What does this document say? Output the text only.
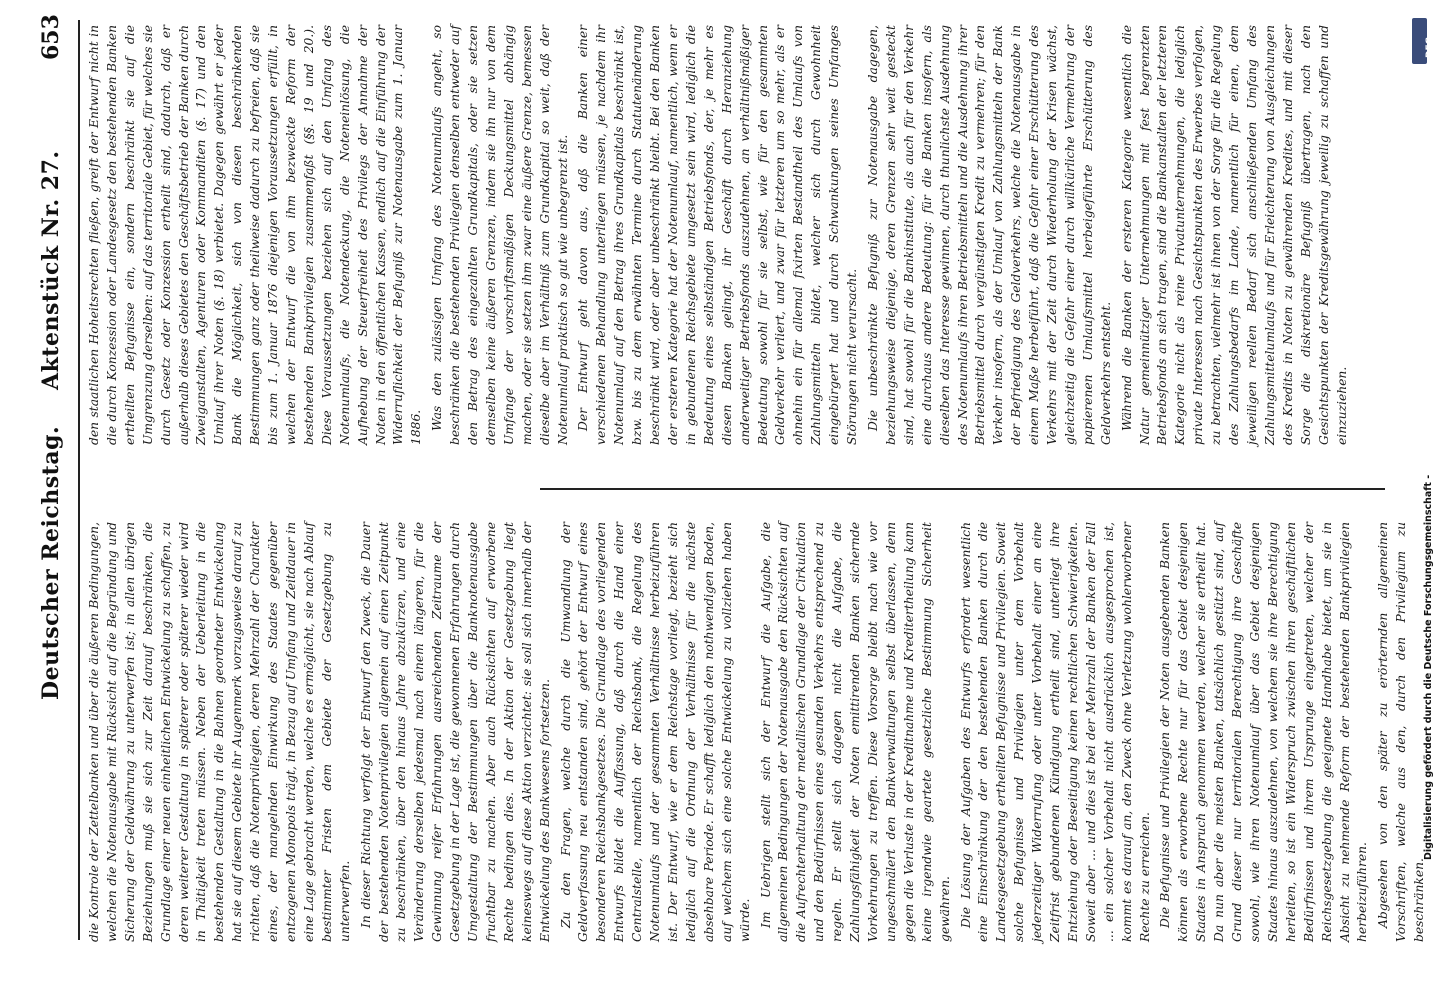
Deutscher Reichstag.
Aktenstück Nr. 27.
653

die Kontrole der Zettelbanken und über die äußeren Bedingungen, welchen die Notenausgabe mit Rücksicht auf die Begründung und Sicherung der Geldwährung zu unterwerfen ist; in allen übrigen Beziehungen muß sie sich zur Zeit darauf beschränken, die Grundlage einer neuen einheitlichen Entwickelung zu schaffen, zu deren weiterer Gestaltung in späterer oder späterer wieder wird in Thätigkeit treten müssen. Neben der Ueberleitung in die bestehenden Gestaltung in die Bahnen geordneter Entwickelung hat sie auf diesem Gebiete ihr Augenmerk vorzugsweise darauf zu richten, daß die Notenprivilegien, deren Mehrzahl der Charakter eines, der mangelnden Einwirkung des Staates gegenüber entzogenen Monopols trägt, in Bezug auf Umfang und Zeitdauer in eine Lage gebracht werden, welche es ermöglicht, sie nach Ablauf bestimmter Fristen dem Gebiete der Gesetzgebung zu unterwerfen. In dieser Richtung verfolgt der Entwurf den Zweck, die Dauer der bestehenden Notenprivilegien allgemein auf einen Zeitpunkt zu beschränken, über den hinaus Jahre abzukürzen, und eine Veränderung derselben jedesmal nach einem längeren, für die Gewinnung reifer Erfahrungen ausreichenden Zeitraume der Gesetzgebung in der Lage ist, die gewonnenen Erfahrungen durch Umgestaltung der Bestimmungen über die Banknotenausgabe fruchtbar zu machen. Aber auch Rücksichten auf erworbene Rechte bedingen dies. In der Aktion der Gesetzgebung liegt keineswegs auf diese Aktion verzichtet: sie soll sich innerhalb der Entwickelung des Bankwesens fortsetzen. Zu den Fragen, welche durch die Umwandlung der Geldverfassung neu entstanden sind, gehört der Entwurf eines besonderen Reichsbankgesetzes. Die Grundlage des vorliegenden Entwurfs bildet die Auffassung, daß durch die Hand einer Centralstelle, namentlich der Reichsbank, die Regelung des Notenumlaufs und der gesammten Verhältnisse herbeizuführen ist. Der Entwurf, wie er dem Reichstage vorliegt, bezieht sich lediglich auf die Ordnung der Verhältnisse für die nächste absehbare Periode. Er schafft lediglich den nothwendigen Boden, auf welchem sich eine solche Entwickelung zu vollziehen haben würde. Im Uebrigen stellt sich der Entwurf die Aufgabe, die allgemeinen Bedingungen der Notenausgabe den Rücksichten auf die Aufrechterhaltung der metallischen Grundlage der Cirkulation und den Bedürfnissen eines gesunden Verkehrs entsprechend zu regeln. Er stellt sich dagegen nicht die Aufgabe, die Zahlungsfähigkeit der Noten emittirenden Banken sichernde Vorkehrungen zu treffen. Diese Vorsorge bleibt nach wie vor ungeschmälert den Bankverwaltungen selbst überlassen, denn gegen die Verluste in der Kreditnahme und Kreditertheilung kann keine irgendwie geartete gesetzliche Bestimmung Sicherheit gewähren. Die Lösung der Aufgaben des Entwurfs erfordert wesentlich eine Einschränkung der den bestehenden Banken durch die Landesgesetzgebung ertheilten Befugnisse und Privilegien. Soweit solche Befugnisse und Privilegien unter dem Vorbehalt jederzeitiger Widerrufung oder unter Vorbehalt einer an eine Zeitfrist gebundenen Kündigung ertheilt sind, unterliegt ihre Entziehung oder Beseitigung keinen rechtlichen Schwierigkeiten. Soweit aber ... und dies ist bei der Mehrzahl der Banken der Fall ... ein solcher Vorbehalt nicht ausdrücklich ausgesprochen ist, kommt es darauf an, den Zweck ohne Verletzung wohlerworbener Rechte zu erreichen. Die Befugnisse und Privilegien der Noten ausgebenden Banken können als erworbene Rechte nur für das Gebiet desjenigen Staates in Anspruch genommen werden, welcher sie ertheilt hat. Da nun aber die meisten Banken, tatsächlich gestützt sind, auf Grund dieser nur territorialen Berechtigung ihre Geschäfte sowohl, wie ihren Notenumlauf über das Gebiet desjenigen Staates hinaus auszudehnen, von welchem sie ihre Berechtigung herleiten, so ist ein Widerspruch zwischen ihren geschäftlichen Bedürfnissen und ihrem Ursprunge eingetreten, welcher der Reichsgesetzgebung die geeignete Handhabe bietet, um sie in Absicht zu nehmende Reform der bestehenden Bankprivilegien herbeizuführen. Abgesehen von den später zu erörternden allgemeinen Vorschriften, welche aus den, durch den Privilegium zu beschränken.

den staatlichen Hoheitsrechten fließen, greift der Entwurf nicht in die durch Konzession oder Landesgesetz den bestehenden Banken ertheilten Befugnisse ein, sondern beschränkt sie auf die Umgrenzung derselben: auf das territoriale Gebiet, für welches sie durch Gesetz oder Konzession ertheilt sind, dadurch, daß er außerhalb dieses Gebietes den Geschäftsbetrieb der Banken durch Zweiganstalten, Agenturen oder Kommanditen (§. 17) und den Umlauf ihrer Noten (§. 18) verbietet. Dagegen gewährt er jeder Bank die Möglichkeit, sich von diesen beschränkenden Bestimmungen ganz oder theilweise dadurch zu befreien, daß sie bis zum 1. Januar 1876 diejenigen Voraussetzungen erfüllt, in welchen der Entwurf die von ihm bezweckte Reform der bestehenden Bankprivilegien zusammenfaßt (§§. 19 und 20.). Diese Voraussetzungen beziehen sich auf den Umfang des Notenumlaufs, die Notendeckung, die Noteneinlösung, die Aufhebung der Steuerfreiheit des Privilegs der Annahme der Noten in den öffentlichen Kassen, endlich auf die Einführung der Widerruflichkeit der Befugniß zur Notenausgabe zum 1. Januar 1886. Was den zulässigen Umfang des Notenumlaufs angeht, so beschränken die bestehenden Privilegien denselben entweder auf den Betrag des eingezahlten Grundkapitals, oder sie setzen demselben keine äußeren Grenzen, indem sie ihn nur von dem Umfange der vorschriftsmäßigen Deckungsmittel abhängig machen, oder sie setzen ihm zwar eine äußere Grenze, bemessen dieselbe aber im Verhältniß zum Grundkapital so weit, daß der Notenumlauf praktisch so gut wie unbegrenzt ist. Der Entwurf geht davon aus, daß die Banken einer verschiedenen Behandlung unterliegen müssen, je nachdem ihr Notenumlauf auf den Betrag ihres Grundkapitals beschränkt ist, bzw. bis zu dem erwähnten Termine durch Statutenänderung beschränkt wird, oder aber unbeschränkt bleibt. Bei den Banken der ersteren Kategorie hat der Notenumlauf, namentlich, wenn er in gebundenen Reichsgebiete umgesetzt sein wird, lediglich die Bedeutung eines selbständigen Betriebsfonds, der, je mehr es diesen Banken gelingt, ihr Geschäft durch Heranziehung anderweitiger Betriebsfonds auszudehnen, an verhältnißmäßiger Bedeutung sowohl für sie selbst, wie für den gesammten Geldverkehr verliert, und zwar für letzteren um so mehr, als er ohnehin ein für allemal fixirten Bestandtheil des Umlaufs von Zahlungsmitteln bildet, welcher sich durch Gewohnheit eingebürgert hat und durch Schwankungen seines Umfanges Störungen nicht verursacht. Die unbeschränkte Befugniß zur Notenausgabe dagegen, beziehungsweise diejenige, deren Grenzen sehr weit gesteckt sind, hat sowohl für die Bankinstitute, als auch für den Verkehr eine durchaus andere Bedeutung: für die Banken insofern, als dieselben das Interesse gewinnen, durch thunlichste Ausdehnung des Notenumlaufs ihren Betriebsmitteln und die Ausdehnung ihrer Betriebsmittel durch vergünstigten Kredit zu vermehren; für den Verkehr insofern, als der Umlauf von Zahlungsmitteln der Bank der Befriedigung des Geldverkehrs, welche die Notenausgabe in einem Maße herbeiführt, daß die Gefahr einer Erschütterung des Verkehrs mit der Zeit durch Wiederholung der Krisen wächst, gleichzeitig die Gefahr einer durch willkürliche Vermehrung der papierenen Umlaufsmittel herbeigeführte Erschütterung des Geldverkehrs entsteht. Während die Banken der ersteren Kategorie wesentlich die Natur gemeinnütziger Unternehmungen mit fest begrenzten Betriebsfonds an sich tragen, sind die Bankanstalten der letzteren Kategorie nicht als reine Privatunternehmungen, die lediglich private Interessen nach Gesichtspunkten des Erwerbes verfolgen, zu betrachten, vielmehr ist ihnen von der Sorge für die Regelung des Zahlungsbedarfs im Lande, namentlich für einen, dem jeweiligen reellen Bedarf sich anschließenden Umfang des Zahlungsmittelumlaufs und für Erleichterung von Ausgleichungen des Kredits in Noten zu gewährenden Kredites, und mit dieser Sorge die diskretionäre Befugniß übertragen, nach den Gesichtspunkten der Kreditsgewährung jeweilig zu schaffen und einzuziehen.

Digitalisierung gefördert durch die Deutsche Forschungsgemeinschaft -
DFG
